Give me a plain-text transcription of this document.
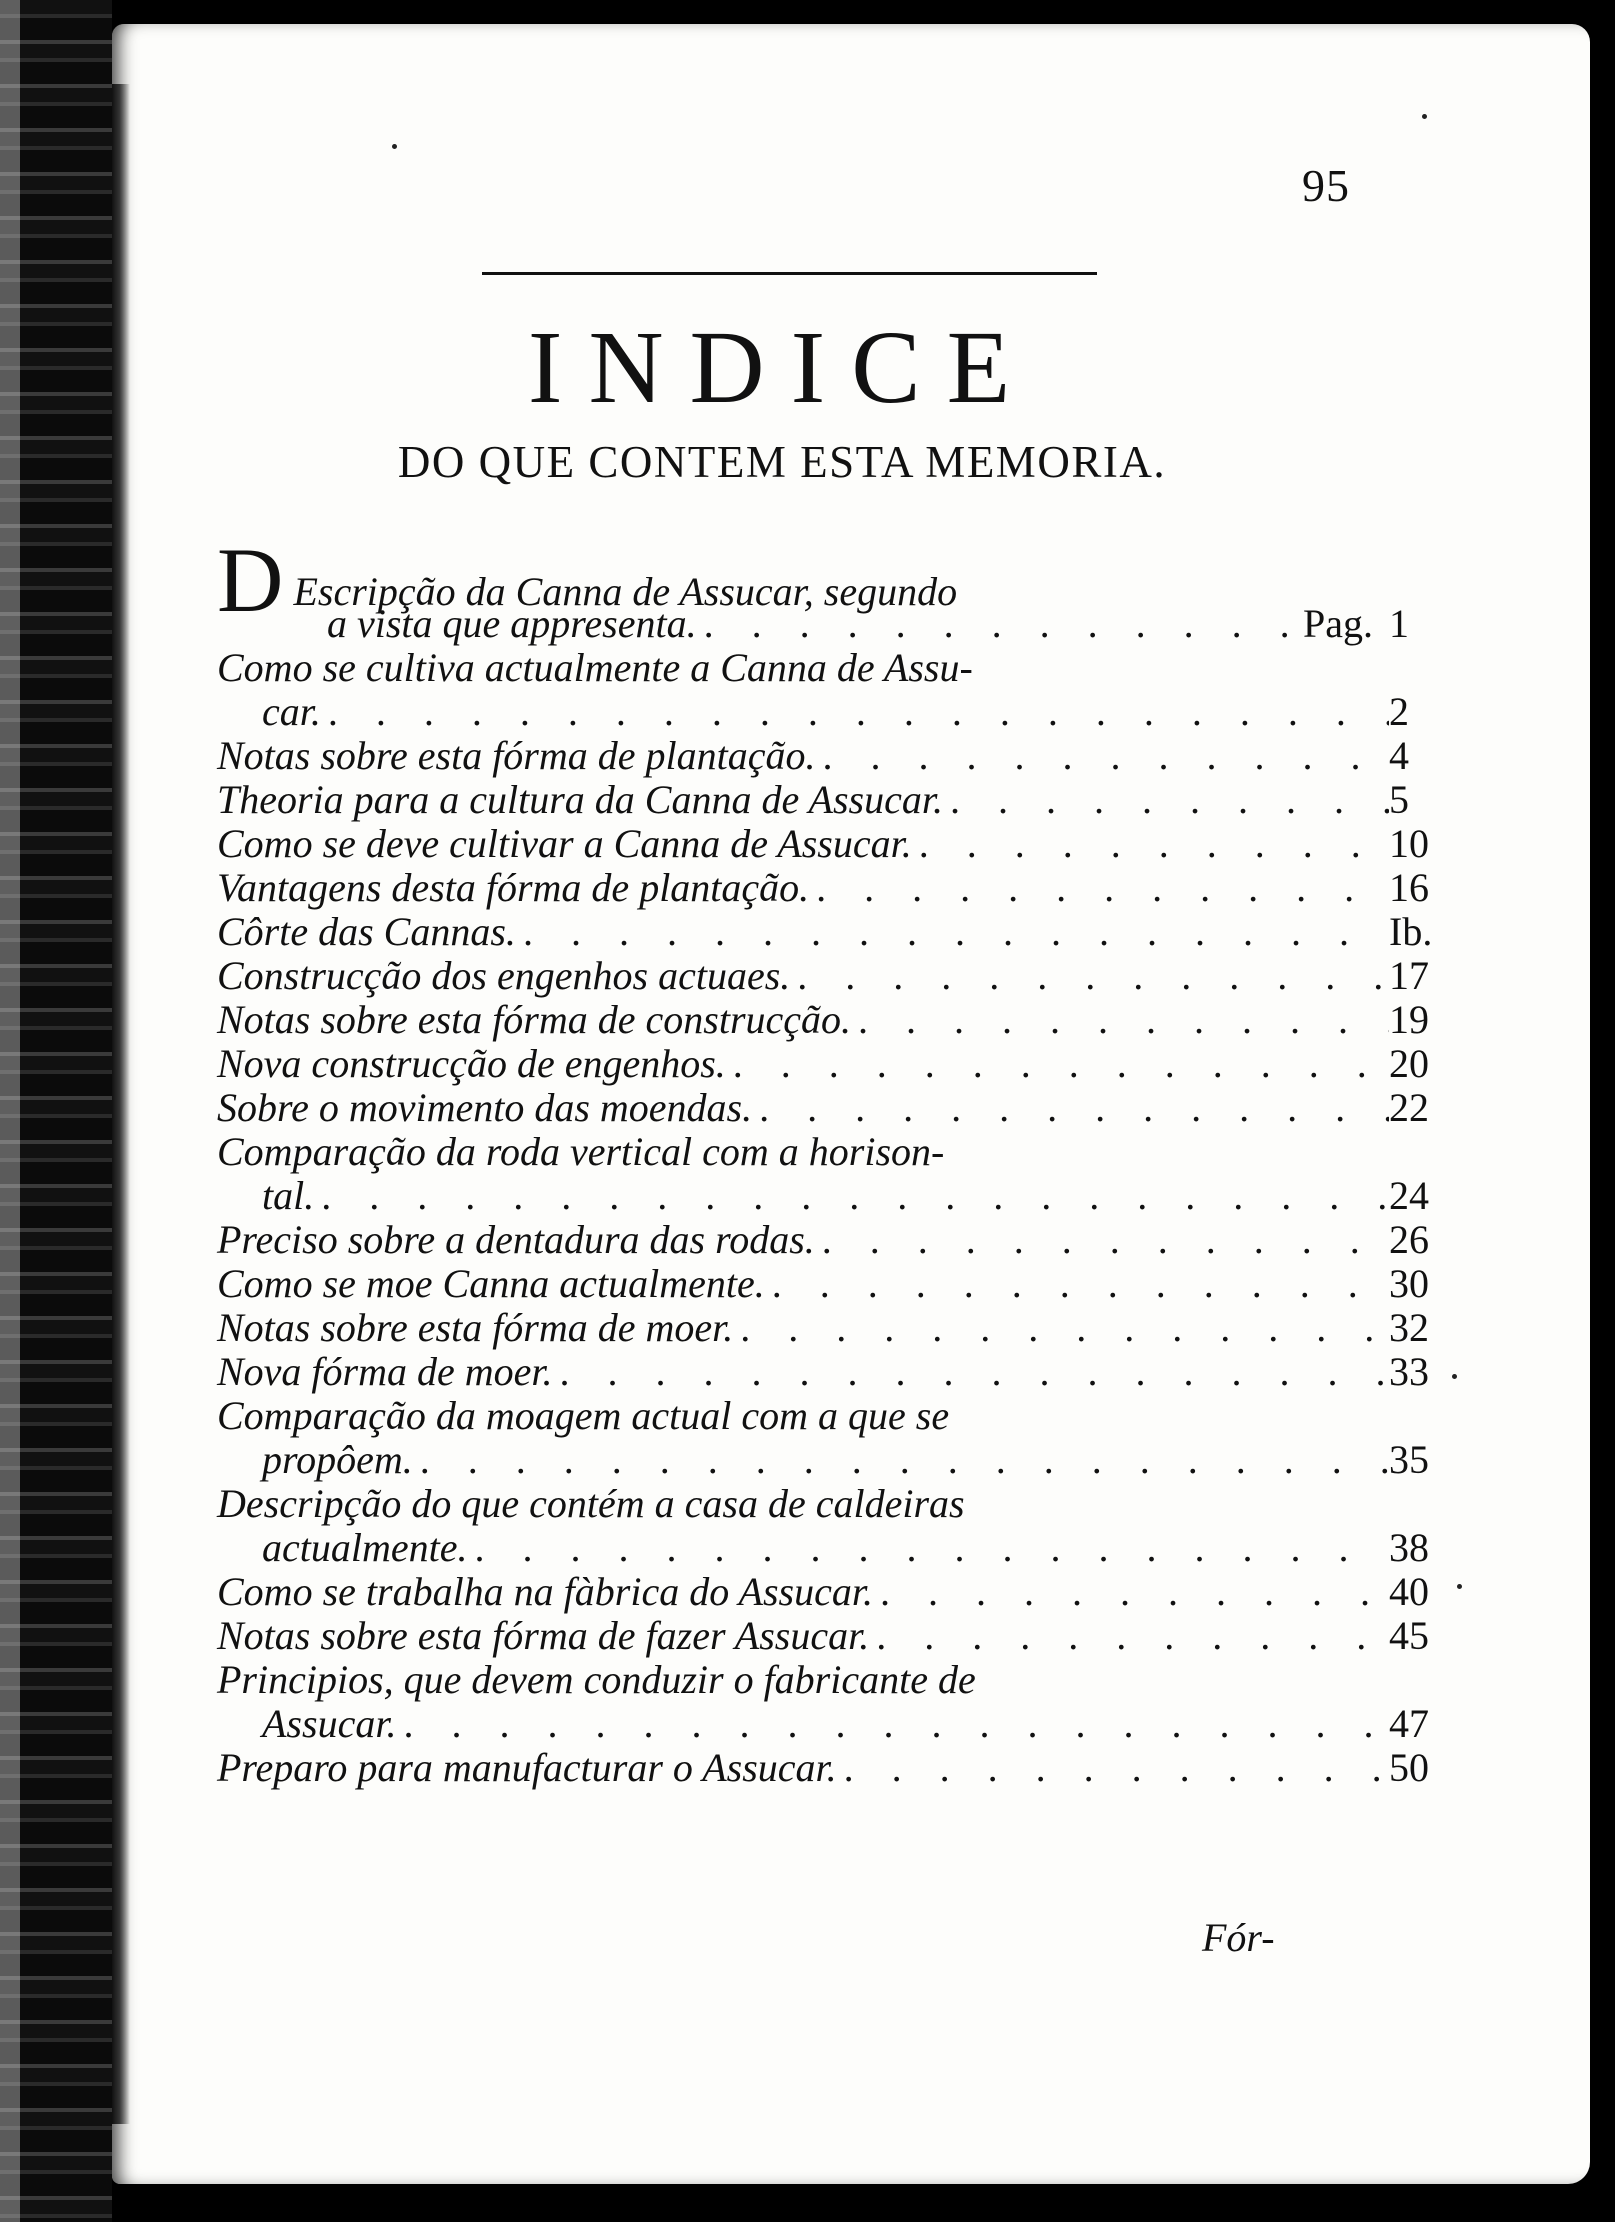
95
INDICE
DO QUE CONTEM ESTA MEMORIA.
D Escripção da Canna de Assucar, segundo
a vista que appresenta. . . .	Pag. 1
Como se cultiva actualmente a Canna de Assu-
car. . . .	2
Notas sobre esta fórma de plantação. . . .	4
Theoria para a cultura da Canna de Assucar. . . .	5
Como se deve cultivar a Canna de Assucar. . . .	10
Vantagens desta fórma de plantação. . . .	16
Côrte das Cannas. . . .	Ib.
Construcção dos engenhos actuaes. . . .	17
Notas sobre esta fórma de construcção. . . .	19
Nova construcção de engenhos. . . .	20
Sobre o movimento das moendas. . . .	22
Comparação da roda vertical com a horison-
tal. . . .	24
Preciso sobre a dentadura das rodas. . . .	26
Como se moe Canna actualmente. . . .	30
Notas sobre esta fórma de moer. . . .	32
Nova fórma de moer. . . .	33
Comparação da moagem actual com a que se
propôem. . . .	35
Descripção do que contém a casa de caldeiras
actualmente. . . .	38
Como se trabalha na fàbrica do Assucar. . . .	40
Notas sobre esta fórma de fazer Assucar. . . .	45
Principios, que devem conduzir o fabricante de
Assucar. . . .	47
Preparo para manufacturar o Assucar. . . .	50
Fór-
